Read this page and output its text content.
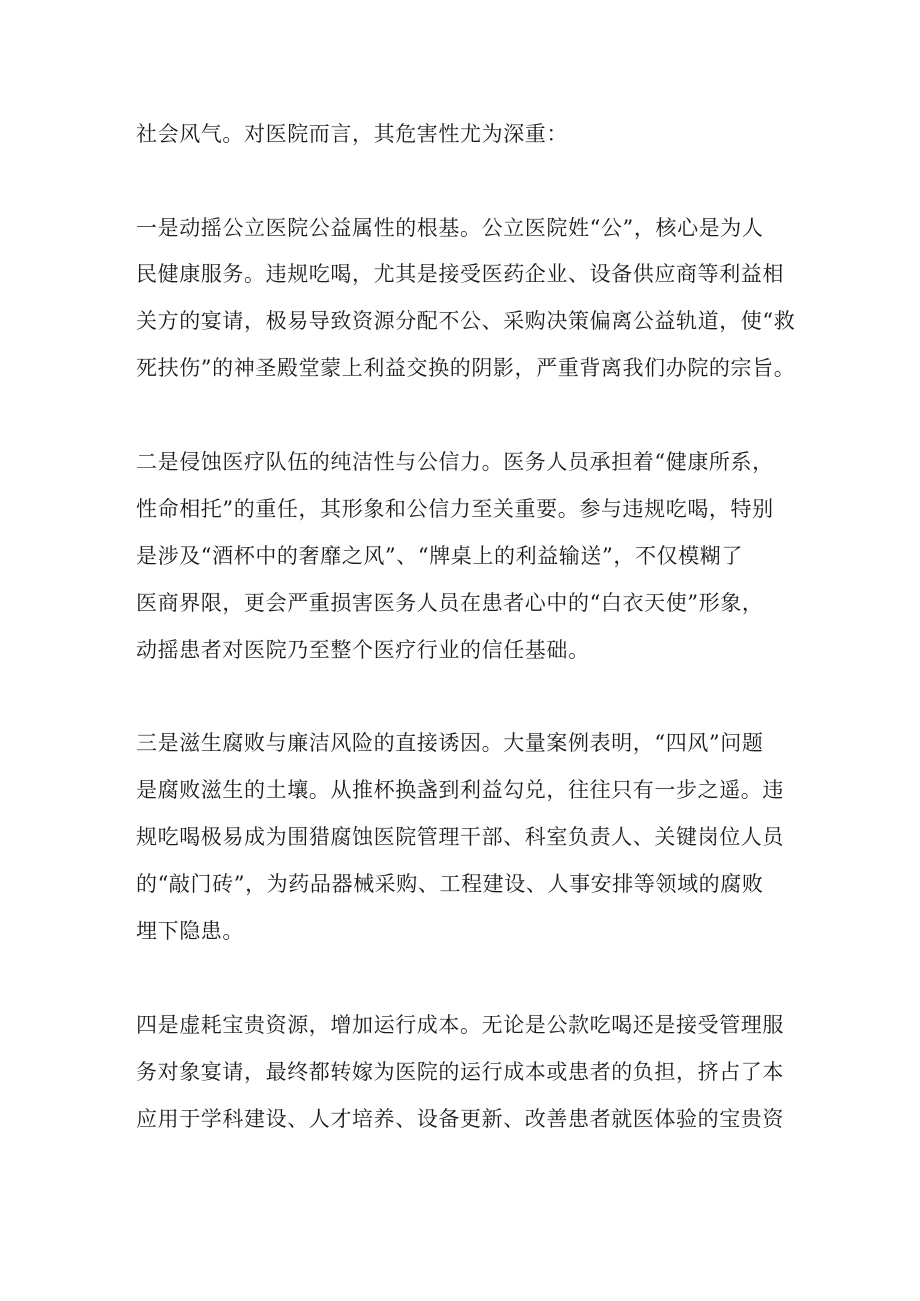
社会风气。对医院而言，其危害性尤为深重：

一是动摇公立医院公益属性的根基。公立医院姓“公”，核心是为人

民健康服务。违规吃喝，尤其是接受医药企业、设备供应商等利益相

关方的宴请，极易导致资源分配不公、采购决策偏离公益轨道，使“救

死扶伤”的神圣殿堂蒙上利益交换的阴影，严重背离我们办院的宗旨。

二是侵蚀医疗队伍的纯洁性与公信力。医务人员承担着“健康所系，

性命相托”的重任，其形象和公信力至关重要。参与违规吃喝，特别

是涉及“酒杯中的奢靡之风”、“牌桌上的利益输送”，不仅模糊了

医商界限，更会严重损害医务人员在患者心中的“白衣天使”形象，

动摇患者对医院乃至整个医疗行业的信任基础。

三是滋生腐败与廉洁风险的直接诱因。大量案例表明，“四风”问题

是腐败滋生的土壤。从推杯换盏到利益勾兑，往往只有一步之遥。违

规吃喝极易成为围猎腐蚀医院管理干部、科室负责人、关键岗位人员

的“敲门砖”，为药品器械采购、工程建设、人事安排等领域的腐败

埋下隐患。

四是虚耗宝贵资源，增加运行成本。无论是公款吃喝还是接受管理服

务对象宴请，最终都转嫁为医院的运行成本或患者的负担，挤占了本

应用于学科建设、人才培养、设备更新、改善患者就医体验的宝贵资
